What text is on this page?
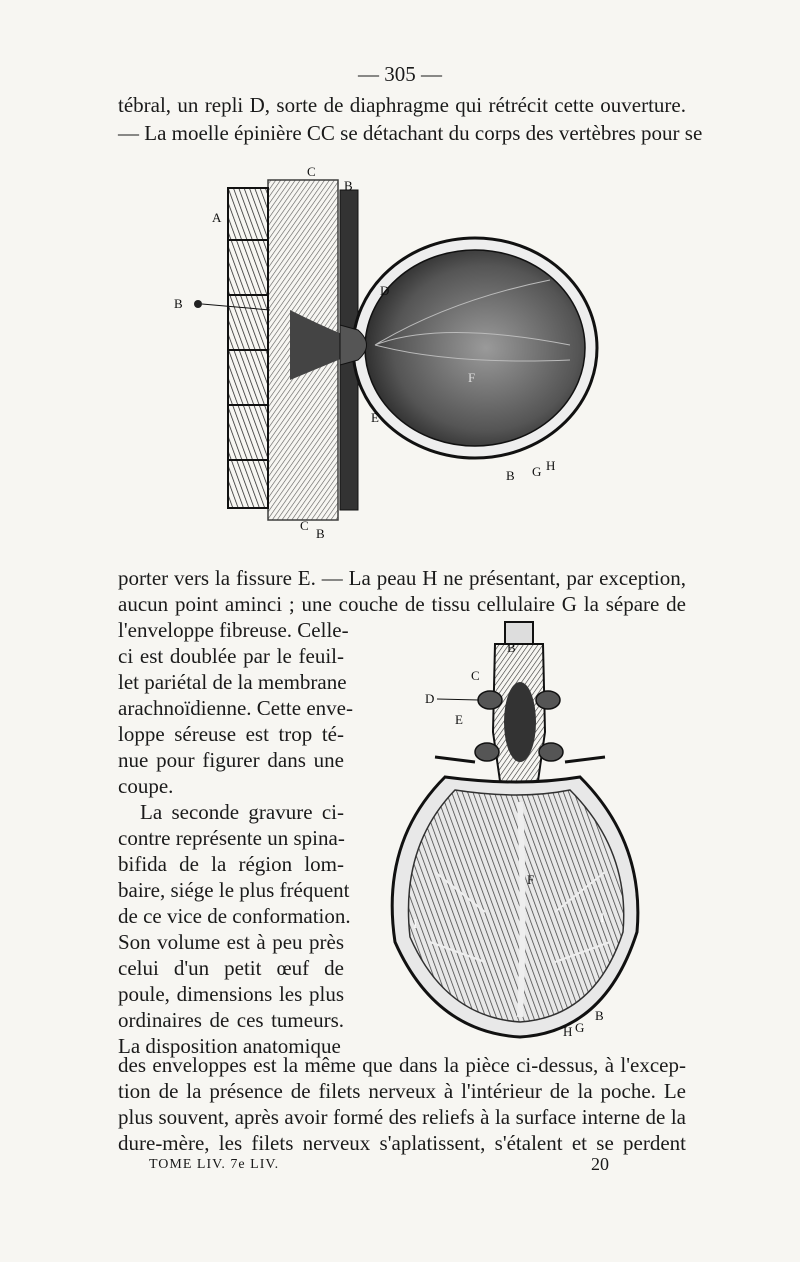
— 305 —
tébral, un repli D, sorte de diaphragme qui rétrécit cette ouverture.
— La moelle épinière CC se détachant du corps des vertèbres pour se
A
B
C
B
D
F
E
B G H
C
B
porter vers la fissure E. — La peau H ne présentant, par exception,
aucun point aminci ; une couche de tissu cellulaire G la sépare de
l'enveloppe fibreuse. Celle-
ci est doublée par le feuil-
let pariétal de la membrane
arachnoïdienne. Cette enve-
loppe séreuse est trop té-
nue pour figurer dans une
coupe.
La seconde gravure ci-
contre représente un spina-
bifida de la région lom-
baire, siége le plus fréquent
de ce vice de conformation.
Son volume est à peu près
celui d'un petit œuf de
poule, dimensions les plus
ordinaires de ces tumeurs.
La disposition anatomique
B
C
D
E
F
I	I
B
H G
des enveloppes est la même que dans la pièce ci-dessus, à l'excep-
tion de la présence de filets nerveux à l'intérieur de la poche. Le
plus souvent, après avoir formé des reliefs à la surface interne de la
dure-mère, les filets nerveux s'aplatissent, s'étalent et se perdent
TOME LIV. 7e LIV.	20
